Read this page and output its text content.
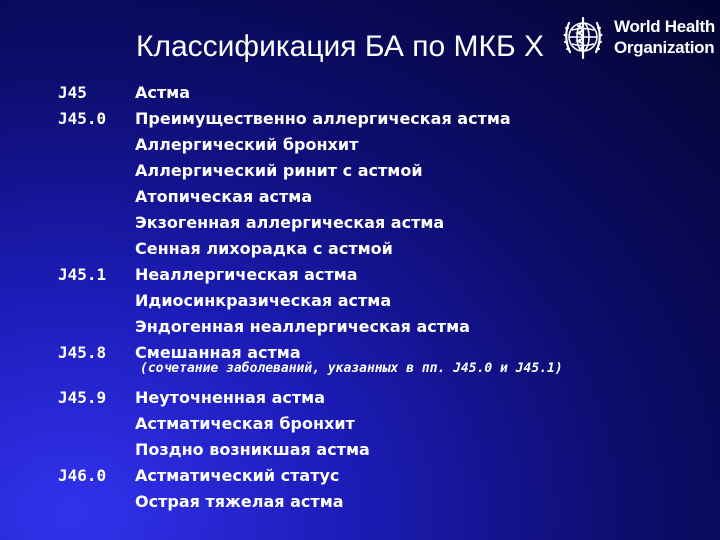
Классификация БА по МКБ X
World Health
Organization
J45	Астма
J45.0 Преимущественно аллергическая астма
Аллергический бронхит
Аллергический ринит с астмой
Атопическая астма
Экзогенная аллергическая астма
Сенная лихорадка с астмой
J45.1 Неаллергическая астма
Идиосинкразическая астма
Эндогенная неаллергическая астма
J45.8 Смешанная астма
(сочетание заболеваний, указанных в пп. J45.0 и J45.1)
J45.9 Неуточненная астма
Астматическая бронхит
Поздно возникшая астма
J46.0 Астматический статус
Острая тяжелая астма
